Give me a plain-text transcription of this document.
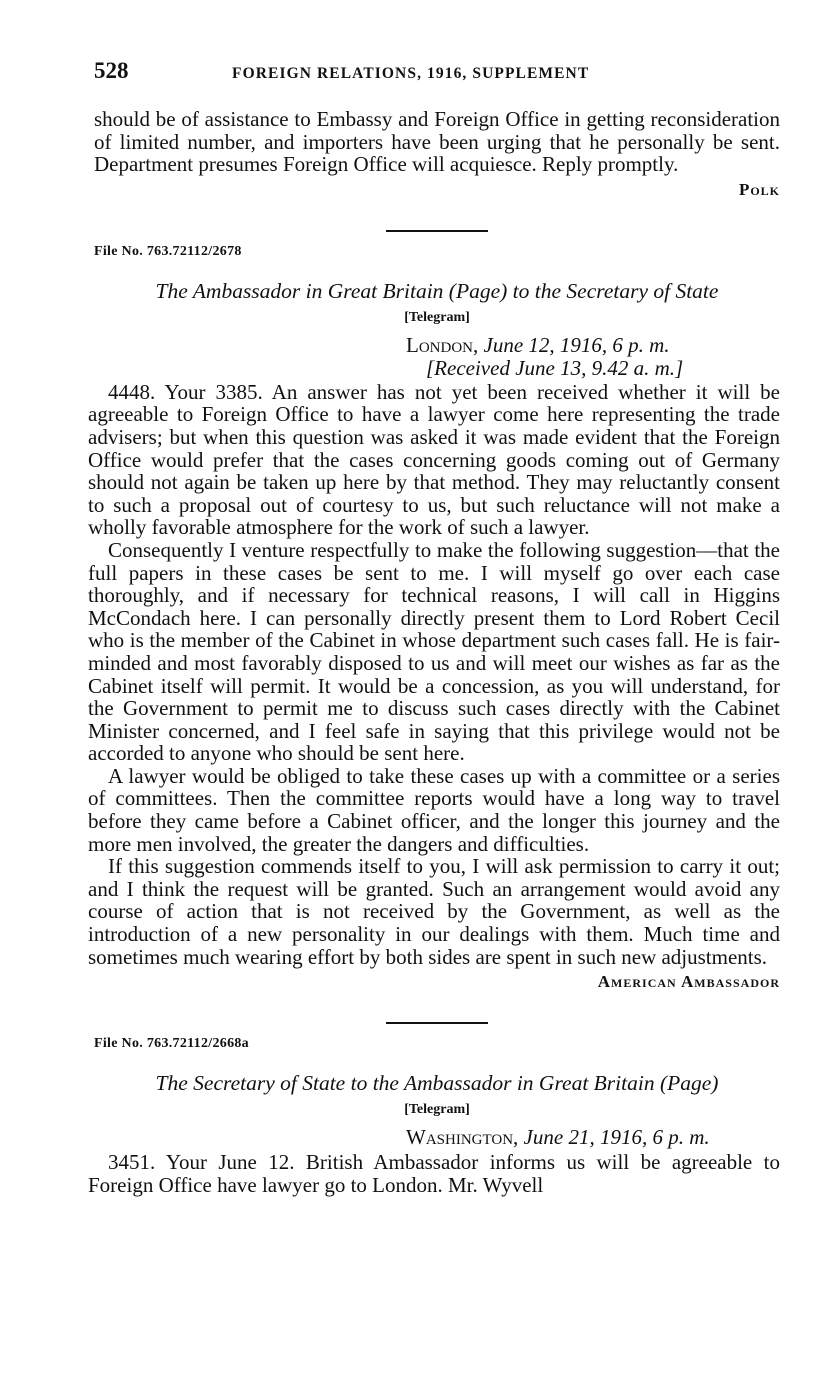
528	FOREIGN RELATIONS, 1916, SUPPLEMENT

should be of assistance to Embassy and Foreign Office in getting reconsideration of limited number, and importers have been urging that he personally be sent. Department presumes Foreign Office will acquiesce. Reply promptly.

Polk
File No. 763.72112/2678
The Ambassador in Great Britain (Page) to the Secretary of State
[Telegram]
London, June 12, 1916, 6 p. m.
[Received June 13, 9.42 a. m.]

4448. Your 3385. An answer has not yet been received whether it will be agreeable to Foreign Office to have a lawyer come here representing the trade advisers; but when this question was asked it was made evident that the Foreign Office would prefer that the cases concerning goods coming out of Germany should not again be taken up here by that method. They may reluctantly consent to such a proposal out of courtesy to us, but such reluctance will not make a wholly favorable atmosphere for the work of such a lawyer.

Consequently I venture respectfully to make the following suggestion—that the full papers in these cases be sent to me. I will myself go over each case thoroughly, and if necessary for technical reasons, I will call in Higgins McCondach here. I can personally directly present them to Lord Robert Cecil who is the member of the Cabinet in whose department such cases fall. He is fair-minded and most favorably disposed to us and will meet our wishes as far as the Cabinet itself will permit. It would be a concession, as you will understand, for the Government to permit me to discuss such cases directly with the Cabinet Minister concerned, and I feel safe in saying that this privilege would not be accorded to anyone who should be sent here.

A lawyer would be obliged to take these cases up with a committee or a series of committees. Then the committee reports would have a long way to travel before they came before a Cabinet officer, and the longer this journey and the more men involved, the greater the dangers and difficulties.

If this suggestion commends itself to you, I will ask permission to carry it out; and I think the request will be granted. Such an arrangement would avoid any course of action that is not received by the Government, as well as the introduction of a new personality in our dealings with them. Much time and sometimes much wearing effort by both sides are spent in such new adjustments.

American Ambassador
File No. 763.72112/2668a
The Secretary of State to the Ambassador in Great Britain (Page)
[Telegram]
Washington, June 21, 1916, 6 p. m.

3451. Your June 12. British Ambassador informs us will be agreeable to Foreign Office have lawyer go to London. Mr. Wyvell
